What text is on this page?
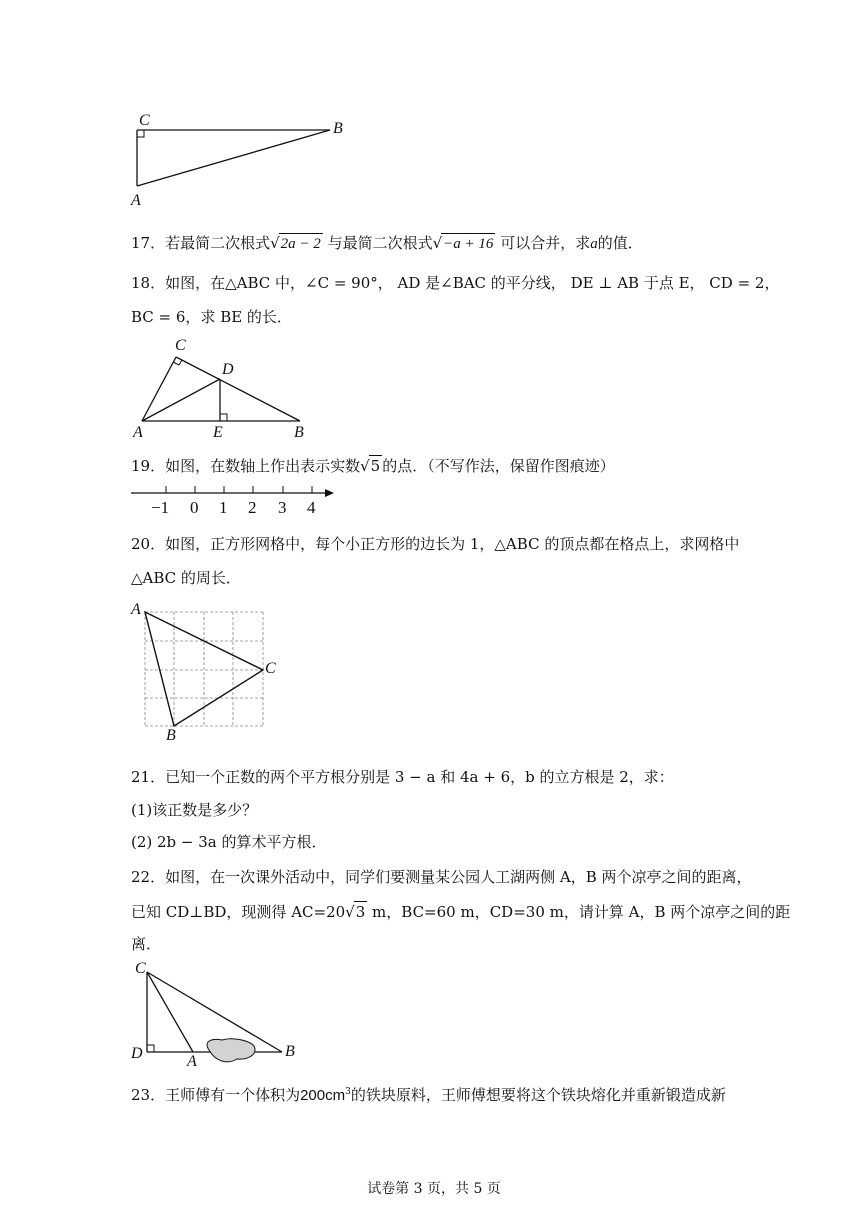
C	B
A
17．若最简二次根式√2a − 2 与最简二次根式√−a + 16 可以合并，求a的值．
18．如图，在△ABC 中，∠C = 90°， AD 是∠BAC 的平分线， DE ⊥ AB 于点 E， CD = 2，
BC = 6，求 BE 的长．
C
D
A	E	B
19．如图，在数轴上作出表示实数√5 的点．（不写作法，保留作图痕迹）
−1 0 1 2 3 4
20．如图，正方形网格中，每个小正方形的边长为 1，△ABC 的顶点都在格点上，求网格中
△ABC 的周长．
A
C
B
21．已知一个正数的两个平方根分别是 3 − a 和 4a + 6，b 的立方根是 2，求：
(1)该正数是多少？
(2) 2b − 3a 的算术平方根．
22．如图，在一次课外活动中，同学们要测量某公园人工湖两侧 A，B 两个凉亭之间的距离，
已知 CD⊥BD，现测得 AC=20√3 m，BC=60 m，CD=30 m，请计算 A，B 两个凉亭之间的距
离．
C
D	A
B
23．王师傅有一个体积为$200cm^3$的铁块原料，王师傅想要将这个铁块熔化并重新锻造成新
试卷第 3 页，共 5 页
